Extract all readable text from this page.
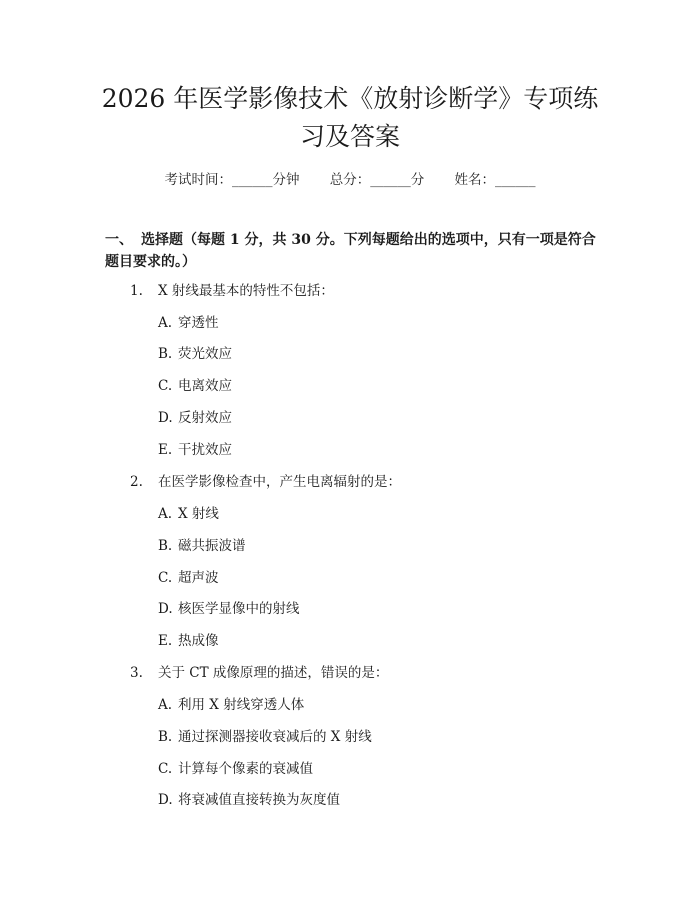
2026 年医学影像技术《放射诊断学》专项练
习及答案
考试时间：______分钟 总分：______分 姓名：______

一、 选择题（每题 1 分，共 30 分。下列每题给出的选项中，只有一项是符合题目要求的。）

1. X 射线最基本的特性不包括：
A. 穿透性
B. 荧光效应
C. 电离效应
D. 反射效应
E. 干扰效应
2. 在医学影像检查中，产生电离辐射的是：
A. X 射线
B. 磁共振波谱
C. 超声波
D. 核医学显像中的射线
E. 热成像
3. 关于 CT 成像原理的描述，错误的是：
A. 利用 X 射线穿透人体
B. 通过探测器接收衰减后的 X 射线
C. 计算每个像素的衰减值
D. 将衰减值直接转换为灰度值
